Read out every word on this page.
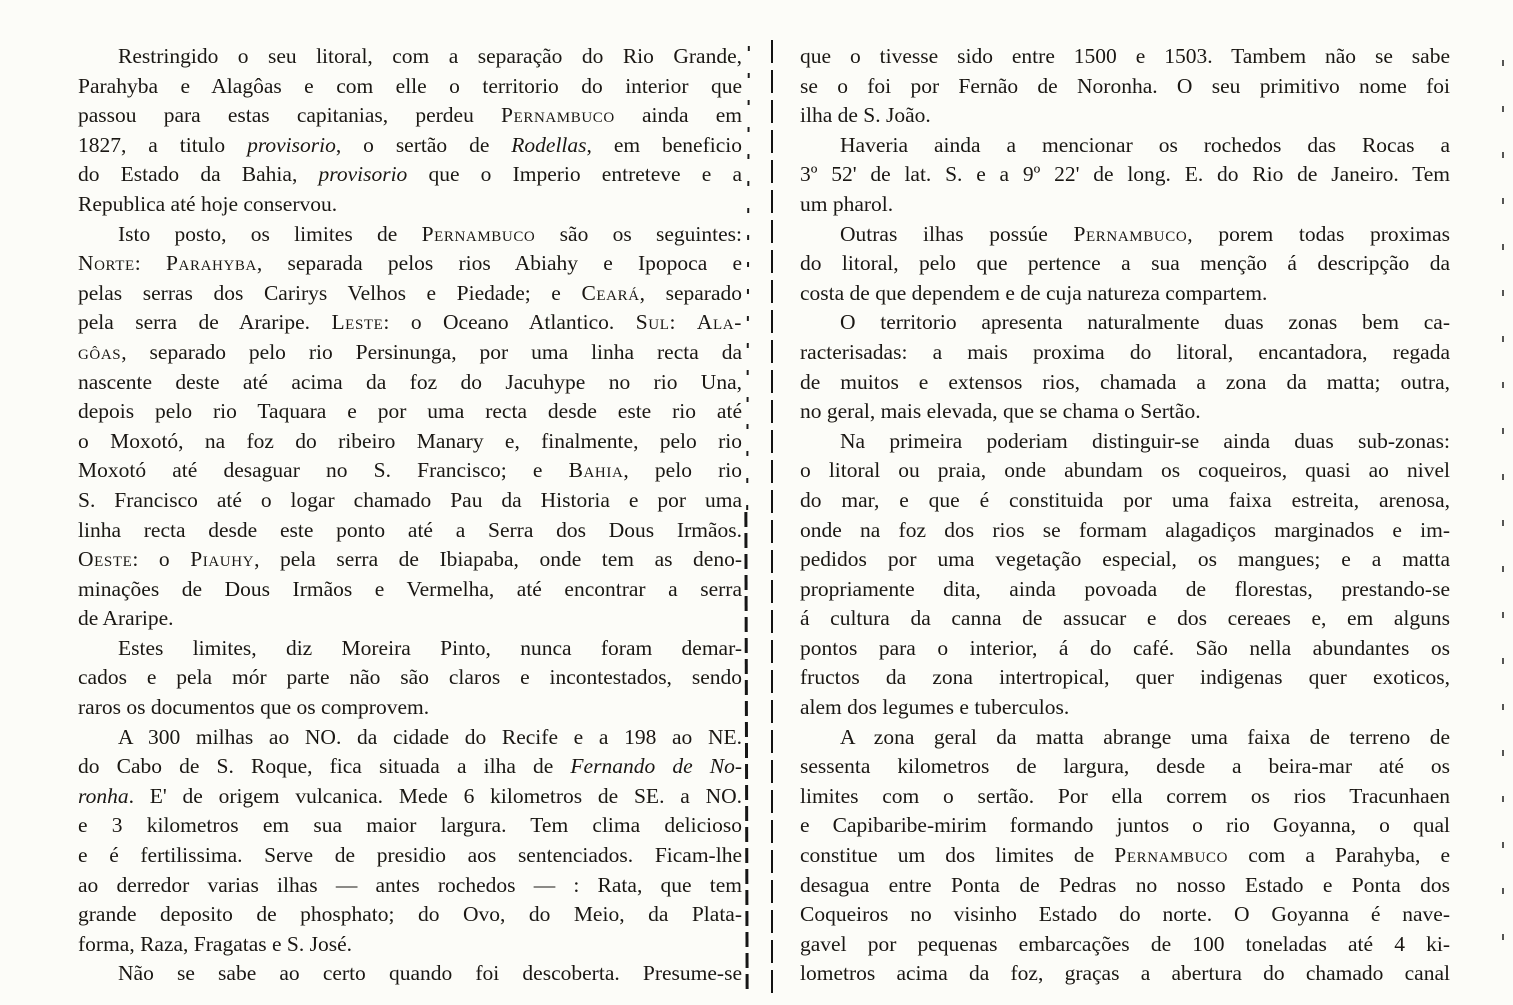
Restringido o seu litoral, com a separação do Rio Grande,
Parahyba e Alagôas e com elle o territorio do interior que
passou para estas capitanias, perdeu Pernambuco ainda em
1827, a titulo provisorio, o sertão de Rodellas, em beneficio
do Estado da Bahia, provisorio que o Imperio entreteve e a
Republica até hoje conservou.
Isto posto, os limites de Pernambuco são os seguintes:
Norte: Parahyba, separada pelos rios Abiahy e Ipopoca e
pelas serras dos Carirys Velhos e Piedade; e Ceará, separado
pela serra de Araripe. Leste: o Oceano Atlantico. Sul: Ala-
gôas, separado pelo rio Persinunga, por uma linha recta da
nascente deste até acima da foz do Jacuhype no rio Una,
depois pelo rio Taquara e por uma recta desde este rio até
o Moxotó, na foz do ribeiro Manary e, finalmente, pelo rio
Moxotó até desaguar no S. Francisco; e Bahia, pelo rio
S. Francisco até o logar chamado Pau da Historia e por uma
linha recta desde este ponto até a Serra dos Dous Irmãos.
Oeste: o Piauhy, pela serra de Ibiapaba, onde tem as deno-
minações de Dous Irmãos e Vermelha, até encontrar a serra
de Araripe.
Estes limites, diz Moreira Pinto, nunca foram demar-
cados e pela mór parte não são claros e incontestados, sendo
raros os documentos que os comprovem.
A 300 milhas ao NO. da cidade do Recife e a 198 ao NE.
do Cabo de S. Roque, fica situada a ilha de Fernando de No-
ronha. E' de origem vulcanica. Mede 6 kilometros de SE. a NO.
e 3 kilometros em sua maior largura. Tem clima delicioso
e é fertilissima. Serve de presidio aos sentenciados. Ficam-lhe
ao derredor varias ilhas — antes rochedos — : Rata, que tem
grande deposito de phosphato; do Ovo, do Meio, da Plata-
forma, Raza, Fragatas e S. José.
Não se sabe ao certo quando foi descoberta. Presume-se
que o tivesse sido entre 1500 e 1503. Tambem não se sabe
se o foi por Fernão de Noronha. O seu primitivo nome foi
ilha de S. João.
Haveria ainda a mencionar os rochedos das Rocas a
3º 52' de lat. S. e a 9º 22' de long. E. do Rio de Janeiro. Tem
um pharol.
Outras ilhas possúe Pernambuco, porem todas proximas
do litoral, pelo que pertence a sua menção á descripção da
costa de que dependem e de cuja natureza compartem.
O territorio apresenta naturalmente duas zonas bem ca-
racterisadas: a mais proxima do litoral, encantadora, regada
de muitos e extensos rios, chamada a zona da matta; outra,
no geral, mais elevada, que se chama o Sertão.
Na primeira poderiam distinguir-se ainda duas sub-zonas:
o litoral ou praia, onde abundam os coqueiros, quasi ao nivel
do mar, e que é constituida por uma faixa estreita, arenosa,
onde na foz dos rios se formam alagadiços marginados e im-
pedidos por uma vegetação especial, os mangues; e a matta
propriamente dita, ainda povoada de florestas, prestando-se
á cultura da canna de assucar e dos cereaes e, em alguns
pontos para o interior, á do café. São nella abundantes os
fructos da zona intertropical, quer indigenas quer exoticos,
alem dos legumes e tuberculos.
A zona geral da matta abrange uma faixa de terreno de
sessenta kilometros de largura, desde a beira-mar até os
limites com o sertão. Por ella correm os rios Tracunhaen
e Capibaribe-mirim formando juntos o rio Goyanna, o qual
constitue um dos limites de Pernambuco com a Parahyba, e
desagua entre Ponta de Pedras no nosso Estado e Ponta dos
Coqueiros no visinho Estado do norte. O Goyanna é nave-
gavel por pequenas embarcações de 100 toneladas até 4 ki-
lometros acima da foz, graças a abertura do chamado canal
